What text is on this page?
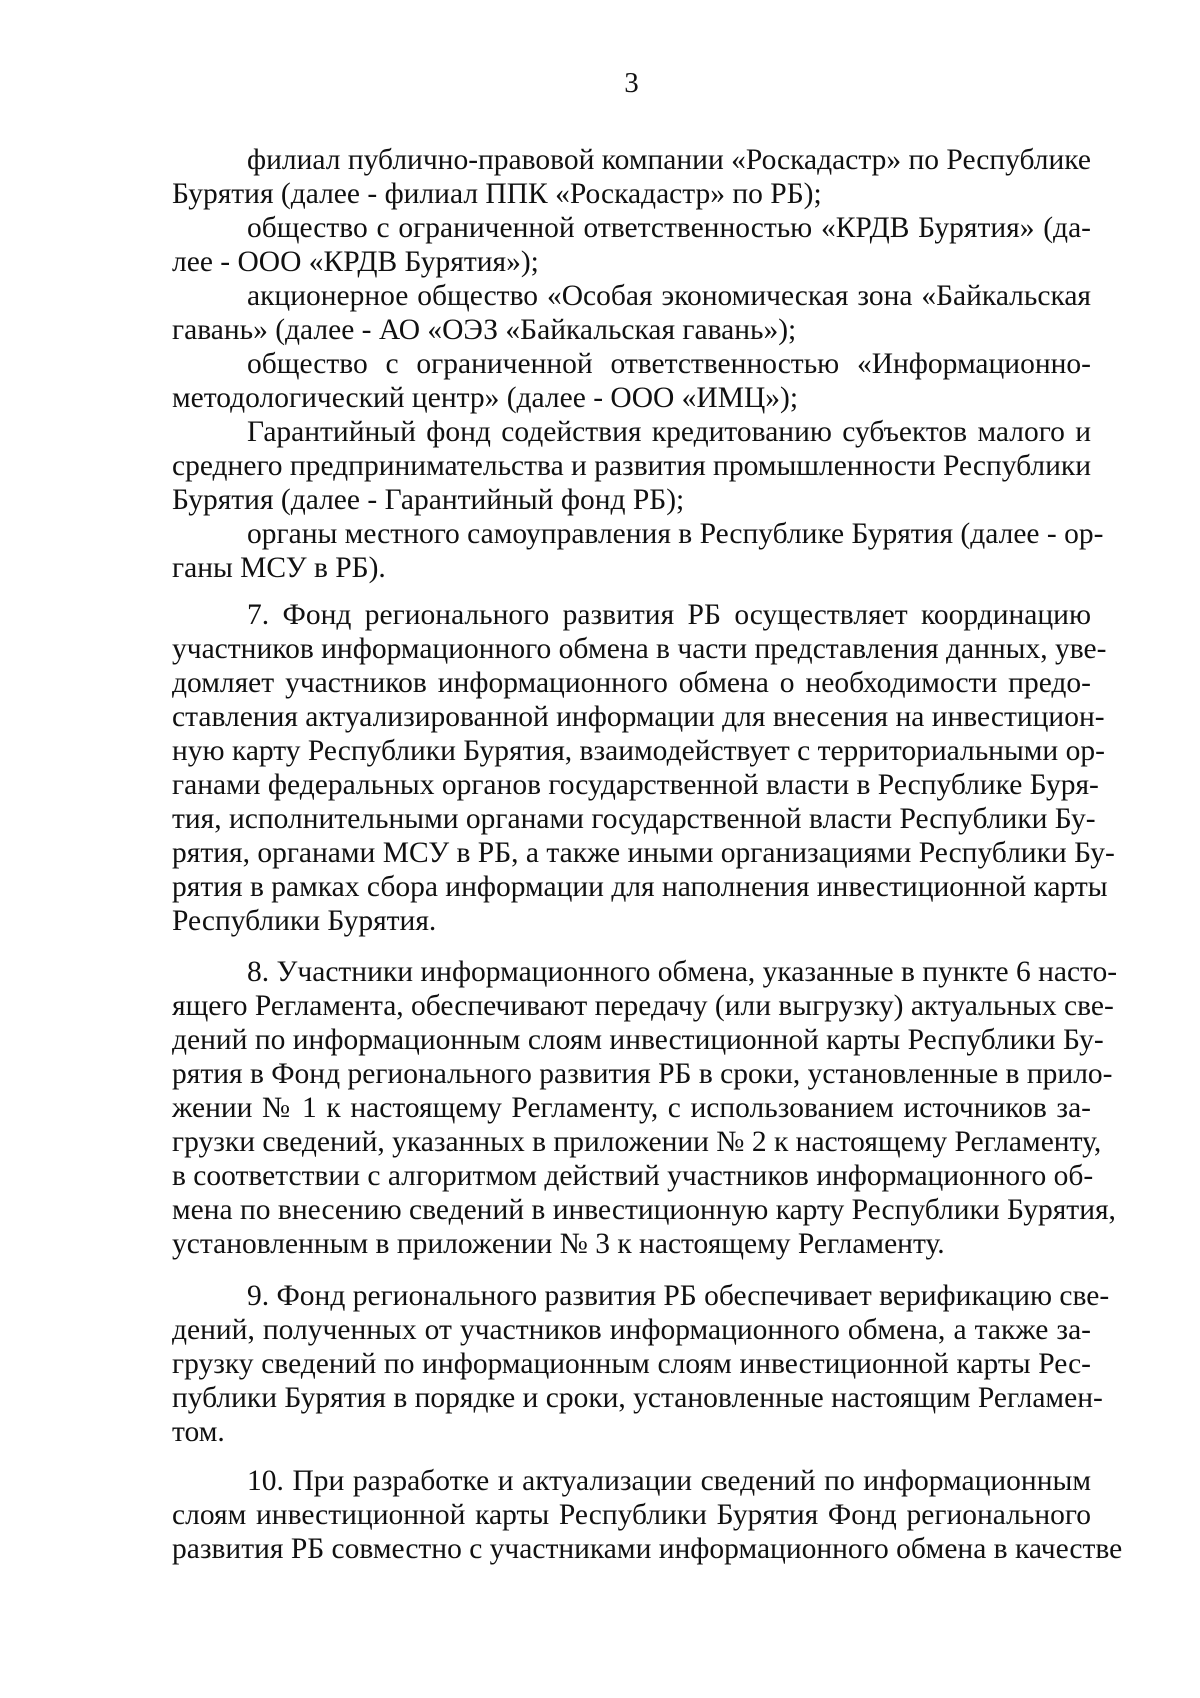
3
филиал публично-правовой компании «Роскадастр» по Республике
Бурятия (далее - филиал ППК «Роскадастр» по РБ);
общество с ограниченной ответственностью «КРДВ Бурятия» (да-
лее - ООО «КРДВ Бурятия»);
акционерное общество «Особая экономическая зона «Байкальская
гавань» (далее - АО «ОЭЗ «Байкальская гавань»);
общество с ограниченной ответственностью «Информационно-
методологический центр» (далее - ООО «ИМЦ»);
Гарантийный фонд содействия кредитованию субъектов малого и
среднего предпринимательства и развития промышленности Республики
Бурятия (далее - Гарантийный фонд РБ);
органы местного самоуправления в Республике Бурятия (далее - ор-
ганы МСУ в РБ).
7. Фонд регионального развития РБ осуществляет координацию
участников информационного обмена в части представления данных, уве-
домляет участников информационного обмена о необходимости предо-
ставления актуализированной информации для внесения на инвестицион-
ную карту Республики Бурятия, взаимодействует с территориальными ор-
ганами федеральных органов государственной власти в Республике Буря-
тия, исполнительными органами государственной власти Республики Бу-
рятия, органами МСУ в РБ, а также иными организациями Республики Бу-
рятия в рамках сбора информации для наполнения инвестиционной карты
Республики Бурятия.
8. Участники информационного обмена, указанные в пункте 6 насто-
ящего Регламента, обеспечивают передачу (или выгрузку) актуальных све-
дений по информационным слоям инвестиционной карты Республики Бу-
рятия в Фонд регионального развития РБ в сроки, установленные в прило-
жении № 1 к настоящему Регламенту, с использованием источников за-
грузки сведений, указанных в приложении № 2 к настоящему Регламенту,
в соответствии с алгоритмом действий участников информационного об-
мена по внесению сведений в инвестиционную карту Республики Бурятия,
установленным в приложении № 3 к настоящему Регламенту.
9. Фонд регионального развития РБ обеспечивает верификацию све-
дений, полученных от участников информационного обмена, а также за-
грузку сведений по информационным слоям инвестиционной карты Рес-
публики Бурятия в порядке и сроки, установленные настоящим Регламен-
том.
10. При разработке и актуализации сведений по информационным
слоям инвестиционной карты Республики Бурятия Фонд регионального
развития РБ совместно с участниками информационного обмена в качестве
